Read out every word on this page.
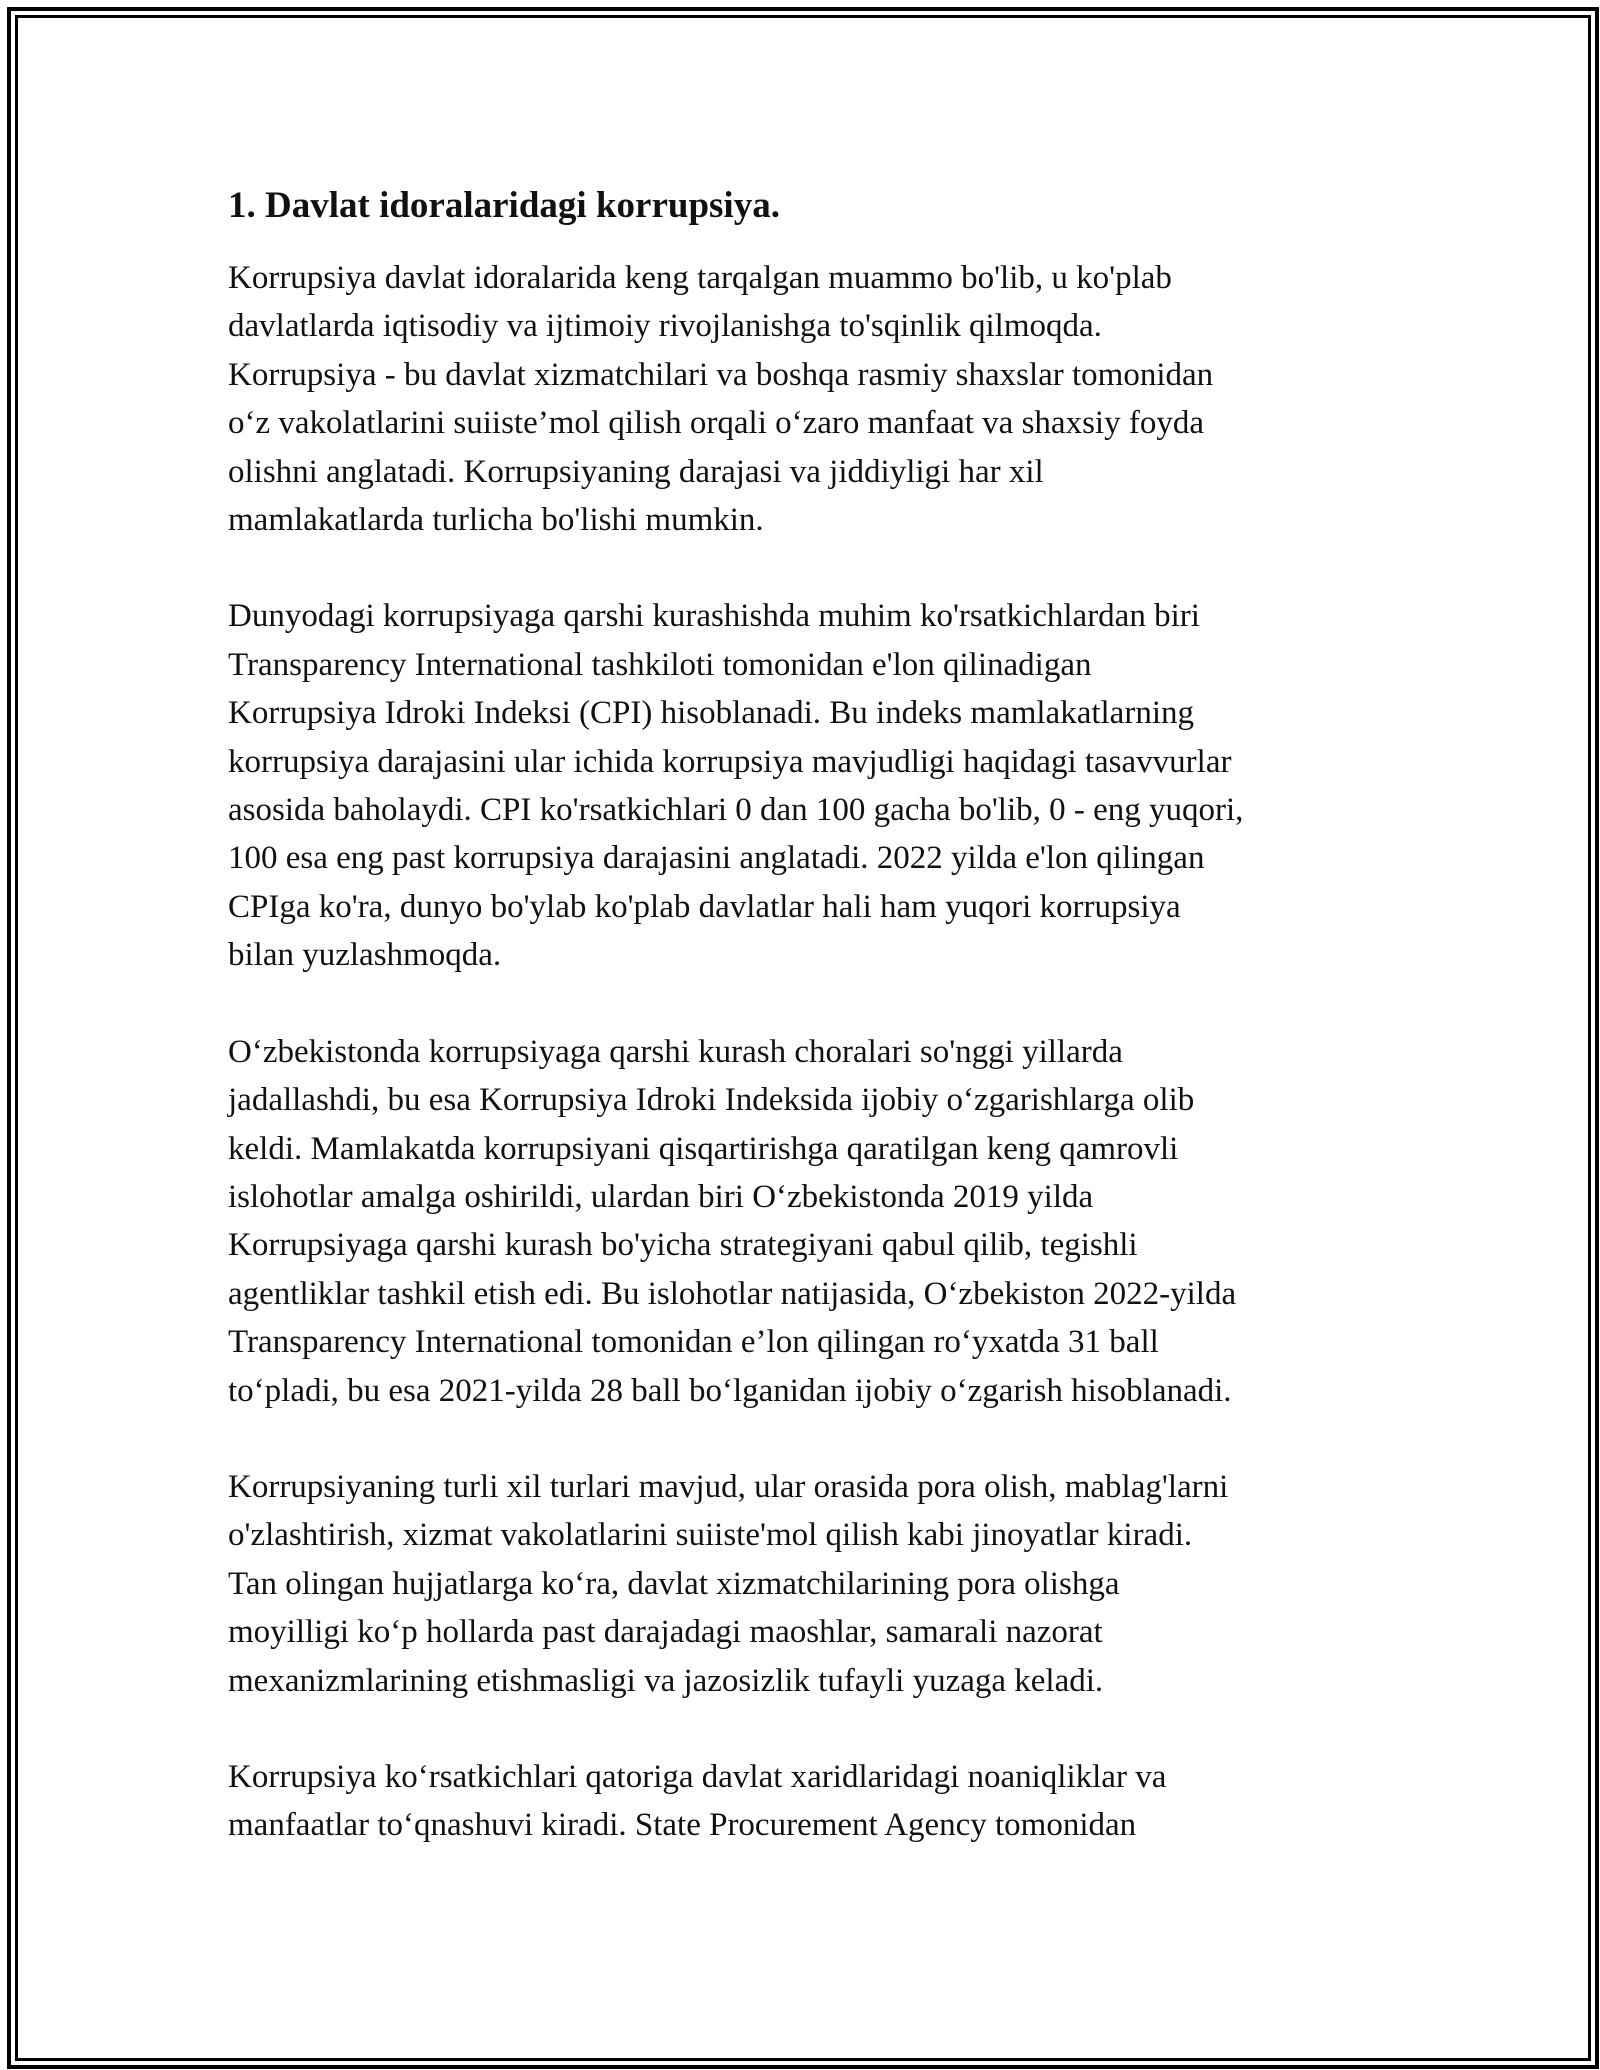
1. Davlat idoralaridagi korrupsiya.

Korrupsiya davlat idoralarida keng tarqalgan muammo bo'lib, u ko'plab
davlatlarda iqtisodiy va ijtimoiy rivojlanishga to'sqinlik qilmoqda.
Korrupsiya - bu davlat xizmatchilari va boshqa rasmiy shaxslar tomonidan
o‘z vakolatlarini suiiste’mol qilish orqali o‘zaro manfaat va shaxsiy foyda
olishni anglatadi. Korrupsiyaning darajasi va jiddiyligi har xil
mamlakatlarda turlicha bo'lishi mumkin.

Dunyodagi korrupsiyaga qarshi kurashishda muhim ko'rsatkichlardan biri
Transparency International tashkiloti tomonidan e'lon qilinadigan
Korrupsiya Idroki Indeksi (CPI) hisoblanadi. Bu indeks mamlakatlarning
korrupsiya darajasini ular ichida korrupsiya mavjudligi haqidagi tasavvurlar
asosida baholaydi. CPI ko'rsatkichlari 0 dan 100 gacha bo'lib, 0 - eng yuqori,
100 esa eng past korrupsiya darajasini anglatadi. 2022 yilda e'lon qilingan
CPIga ko'ra, dunyo bo'ylab ko'plab davlatlar hali ham yuqori korrupsiya
bilan yuzlashmoqda.

O‘zbekistonda korrupsiyaga qarshi kurash choralari so'nggi yillarda
jadallashdi, bu esa Korrupsiya Idroki Indeksida ijobiy o‘zgarishlarga olib
keldi. Mamlakatda korrupsiyani qisqartirishga qaratilgan keng qamrovli
islohotlar amalga oshirildi, ulardan biri O‘zbekistonda 2019 yilda
Korrupsiyaga qarshi kurash bo'yicha strategiyani qabul qilib, tegishli
agentliklar tashkil etish edi. Bu islohotlar natijasida, O‘zbekiston 2022-yilda
Transparency International tomonidan e’lon qilingan ro‘yxatda 31 ball
to‘pladi, bu esa 2021-yilda 28 ball bo‘lganidan ijobiy o‘zgarish hisoblanadi.

Korrupsiyaning turli xil turlari mavjud, ular orasida pora olish, mablag'larni
o'zlashtirish, xizmat vakolatlarini suiiste'mol qilish kabi jinoyatlar kiradi.
Tan olingan hujjatlarga ko‘ra, davlat xizmatchilarining pora olishga
moyilligi ko‘p hollarda past darajadagi maoshlar, samarali nazorat
mexanizmlarining etishmasligi va jazosizlik tufayli yuzaga keladi.

Korrupsiya ko‘rsatkichlari qatoriga davlat xaridlaridagi noaniqliklar va
manfaatlar to‘qnashuvi kiradi. State Procurement Agency tomonidan
